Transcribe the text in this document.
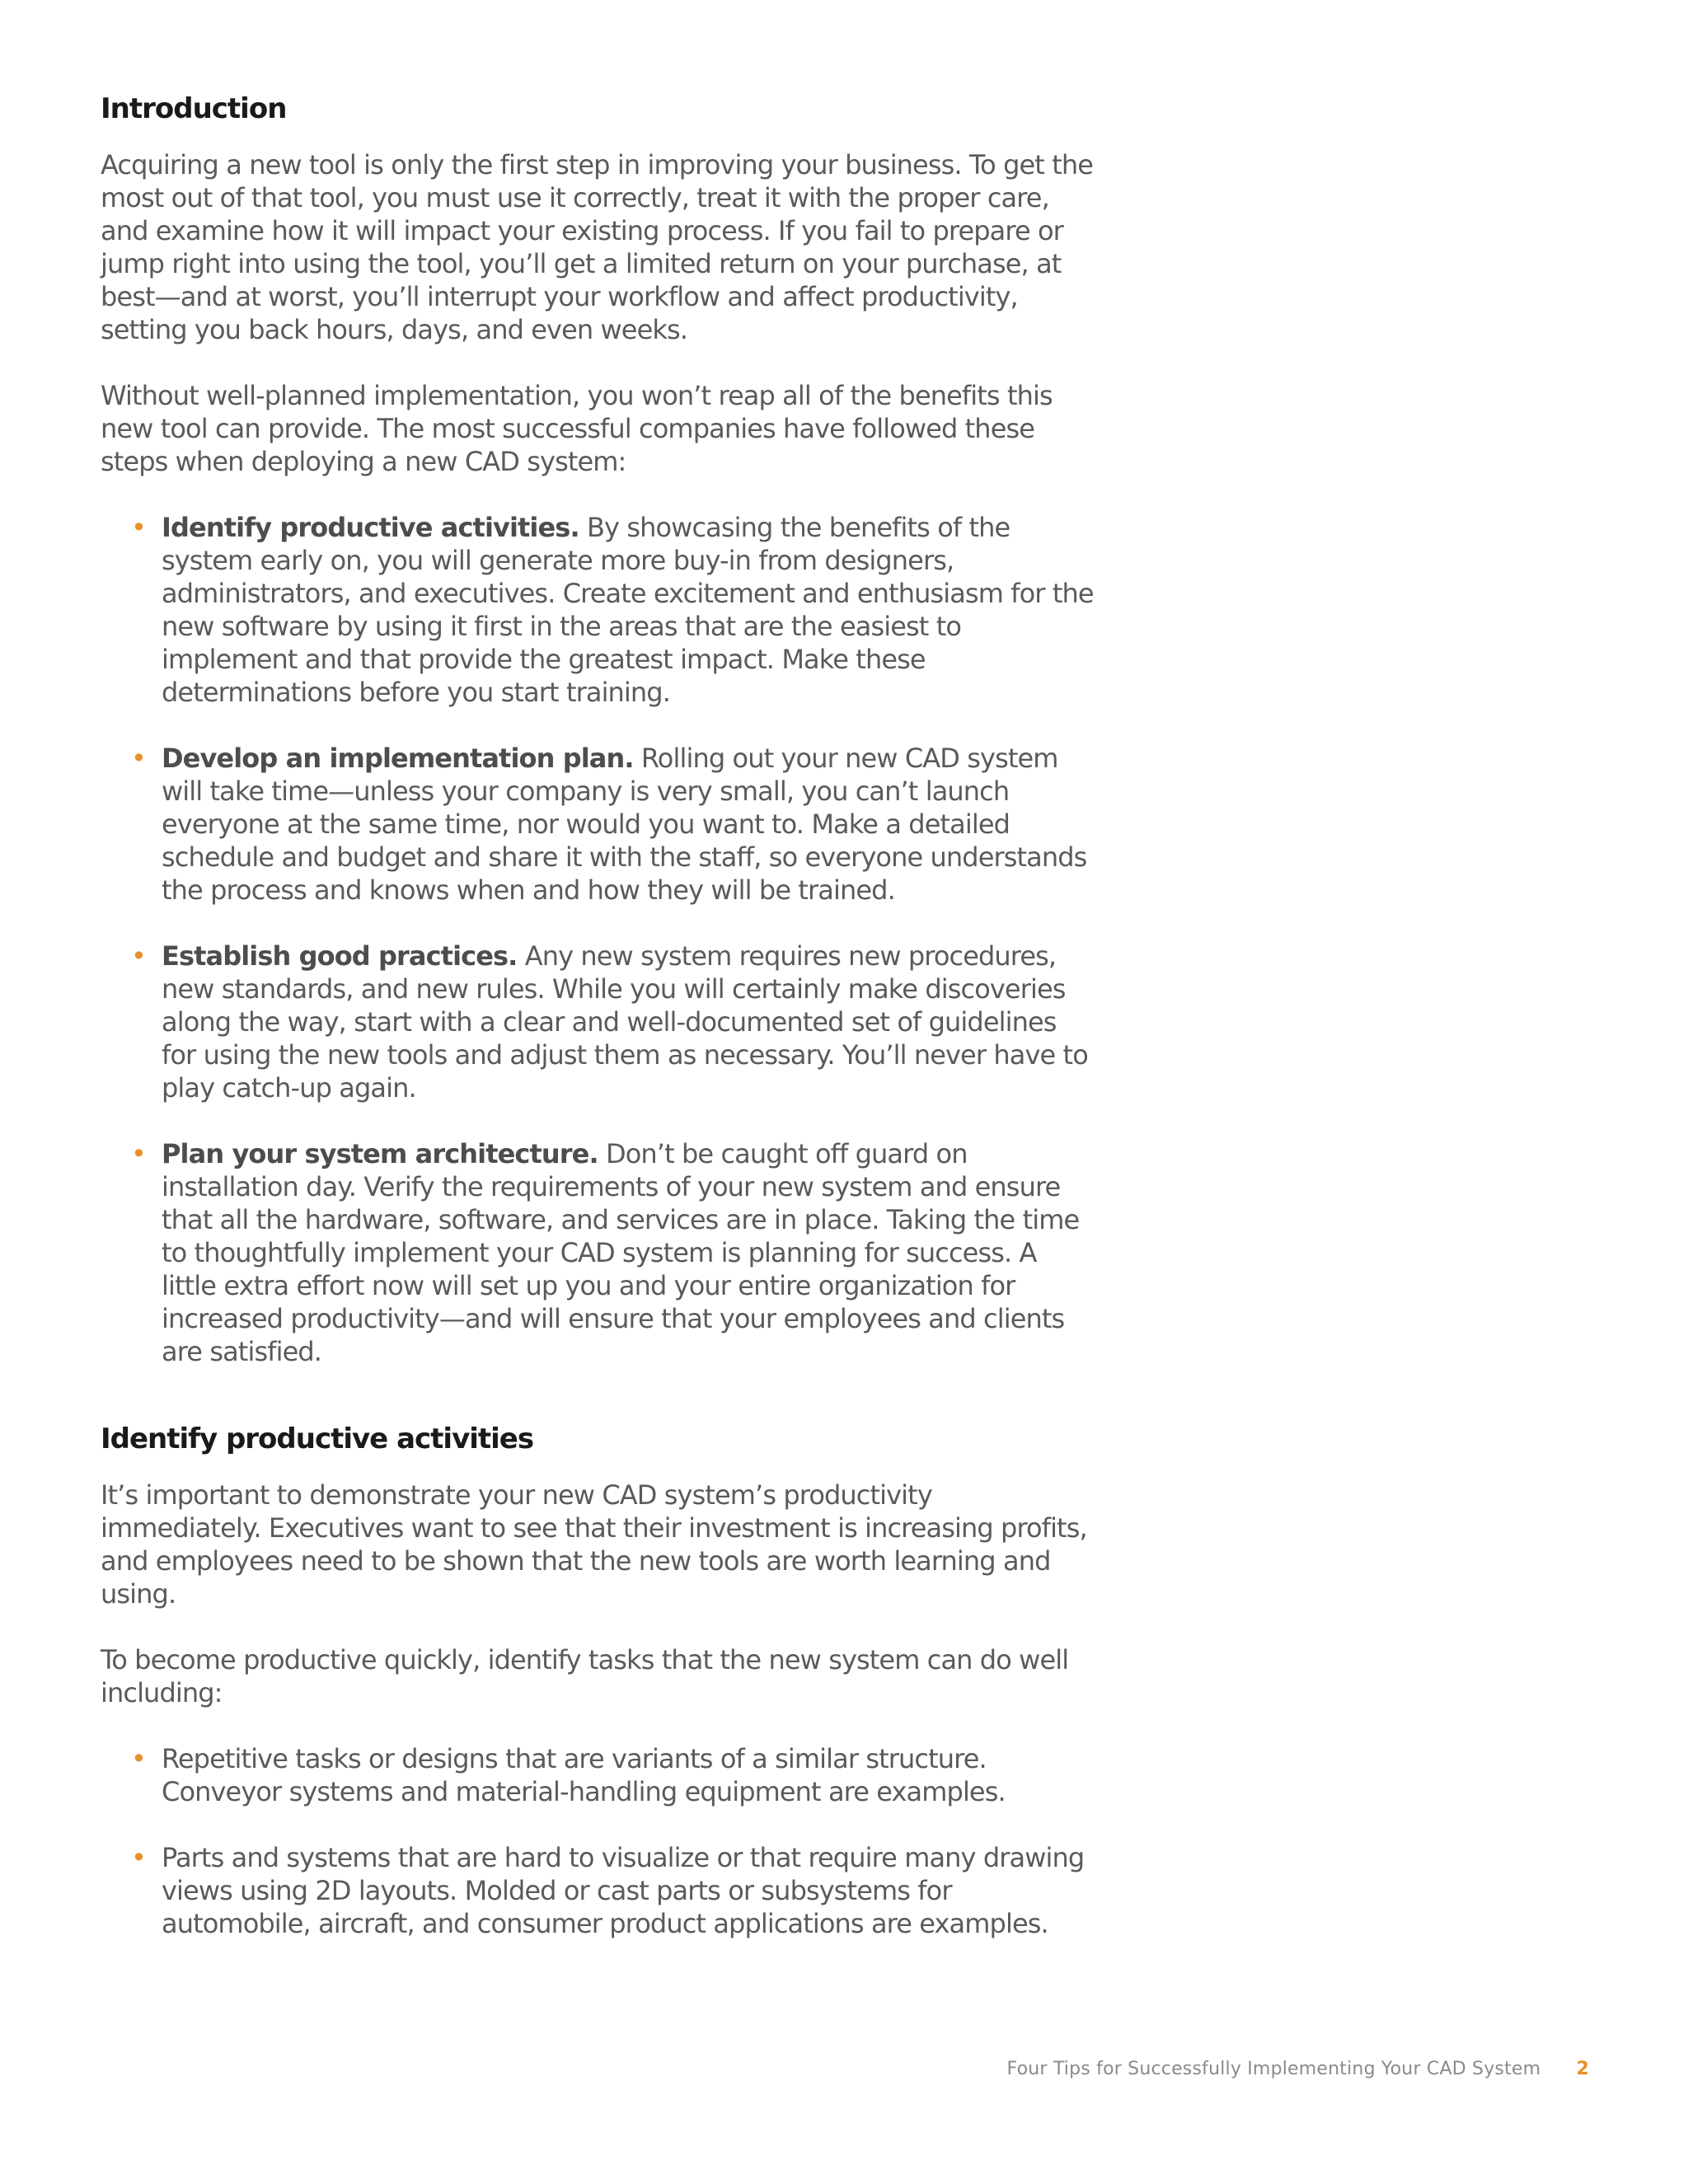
Introduction

Acquiring a new tool is only the first step in improving your business. To get the most out of that tool, you must use it correctly, treat it with the proper care, and examine how it will impact your existing process. If you fail to prepare or jump right into using the tool, you’ll get a limited return on your purchase, at best—and at worst, you’ll interrupt your workflow and affect productivity, setting you back hours, days, and even weeks.

Without well-planned implementation, you won’t reap all of the benefits this new tool can provide. The most successful companies have followed these steps when deploying a new CAD system:

• Identify productive activities. By showcasing the benefits of the system early on, you will generate more buy-in from designers, administrators, and executives. Create excitement and enthusiasm for the new software by using it first in the areas that are the easiest to implement and that provide the greatest impact. Make these determinations before you start training.
• Develop an implementation plan. Rolling out your new CAD system will take time—unless your company is very small, you can’t launch everyone at the same time, nor would you want to. Make a detailed schedule and budget and share it with the staff, so everyone understands the process and knows when and how they will be trained.
• Establish good practices. Any new system requires new procedures, new standards, and new rules. While you will certainly make discoveries along the way, start with a clear and well-documented set of guidelines for using the new tools and adjust them as necessary. You’ll never have to play catch-up again.
• Plan your system architecture. Don’t be caught off guard on installation day. Verify the requirements of your new system and ensure that all the hardware, software, and services are in place. Taking the time to thoughtfully implement your CAD system is planning for success. A little extra effort now will set up you and your entire organization for increased productivity—and will ensure that your employees and clients are satisfied.
Identify productive activities

It’s important to demonstrate your new CAD system’s productivity immediately. Executives want to see that their investment is increasing profits, and employees need to be shown that the new tools are worth learning and using.

To become productive quickly, identify tasks that the new system can do well including:

• Repetitive tasks or designs that are variants of a similar structure. Conveyor systems and material-handling equipment are examples.
• Parts and systems that are hard to visualize or that require many drawing views using 2D layouts. Molded or cast parts or subsystems for automobile, aircraft, and consumer product applications are examples.
Four Tips for Successfully Implementing Your CAD System 2
